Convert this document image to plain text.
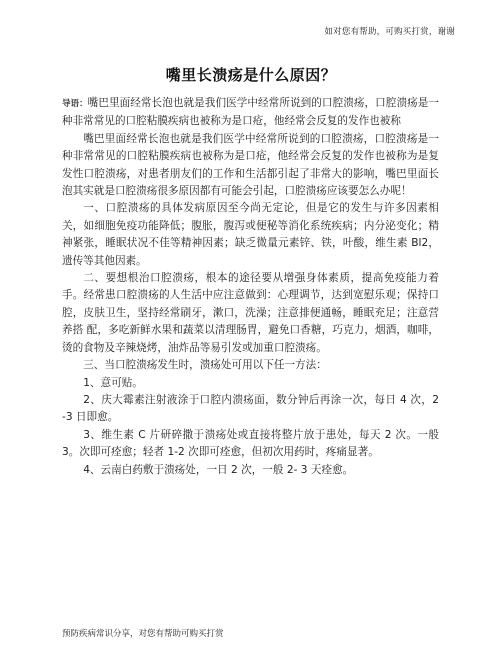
如对您有帮助，可购买打赏，谢谢
嘴里长溃疡是什么原因？

导语：嘴巴里面经常长泡也就是我们医学中经常所说到的口腔溃疡，口腔溃疡是一种非常常见的口腔粘膜疾病也被称为是口疮，他经常会反复的发作也被称

嘴巴里面经常长泡也就是我们医学中经常所说到的口腔溃疡，口腔溃疡是一种非常常见的口腔粘膜疾病也被称为是口疮，他经常会反复的发作也被称为是复发性口腔溃疡，对患者朋友们的工作和生活都引起了非常大的影响，嘴巴里面长泡其实就是口腔溃疡很多原因都有可能会引起，口腔溃疡应该要怎么办呢！

一、口腔溃疡的具体发病原因至今尚无定论，但是它的发生与许多因素相关，如细胞免疫功能降低；腹胀，腹泻或便秘等消化系统疾病；内分泌变化；精神紧张，睡眠状况不佳等精神因素；缺乏微量元素锌、铁，叶酸，维生素 Bl2，遗传等其他因素。

二、要想根治口腔溃疡，根本的途径要从增强身体素质，提高免疫能力着 手。经常患口腔溃疡的人生活中应注意做到：心理调节，达到宽慰乐观；保持口腔，皮肤卫生，坚持经常刷牙，漱口，洗澡；注意排便通畅，睡眠充足；注意营养搭 配，多吃新鲜水果和蔬菜以清理肠胃，避免口香糖，巧克力，烟酒，咖啡，烫的食物及辛辣烧烤，油炸品等易引发或加重口腔溃疡。

三、当口腔溃疡发生时，溃疡处可用以下任一方法：

1、意可贴。

2、庆大霉素注射液涂于口腔内溃疡面，数分钟后再涂一次，每日 4 次，2 -3 日即愈。

3、维生素 C 片研碎撒于溃疡处或直接将整片放于患处，每天 2 次。一般 3。次即可痊愈；轻者 1-2 次即可痊愈，但初次用药时，疼痛显著。

4、云南白药敷于溃疡处，一日 2 次，一般 2- 3 天痊愈。

预防疾病常识分享，对您有帮助可购买打赏
